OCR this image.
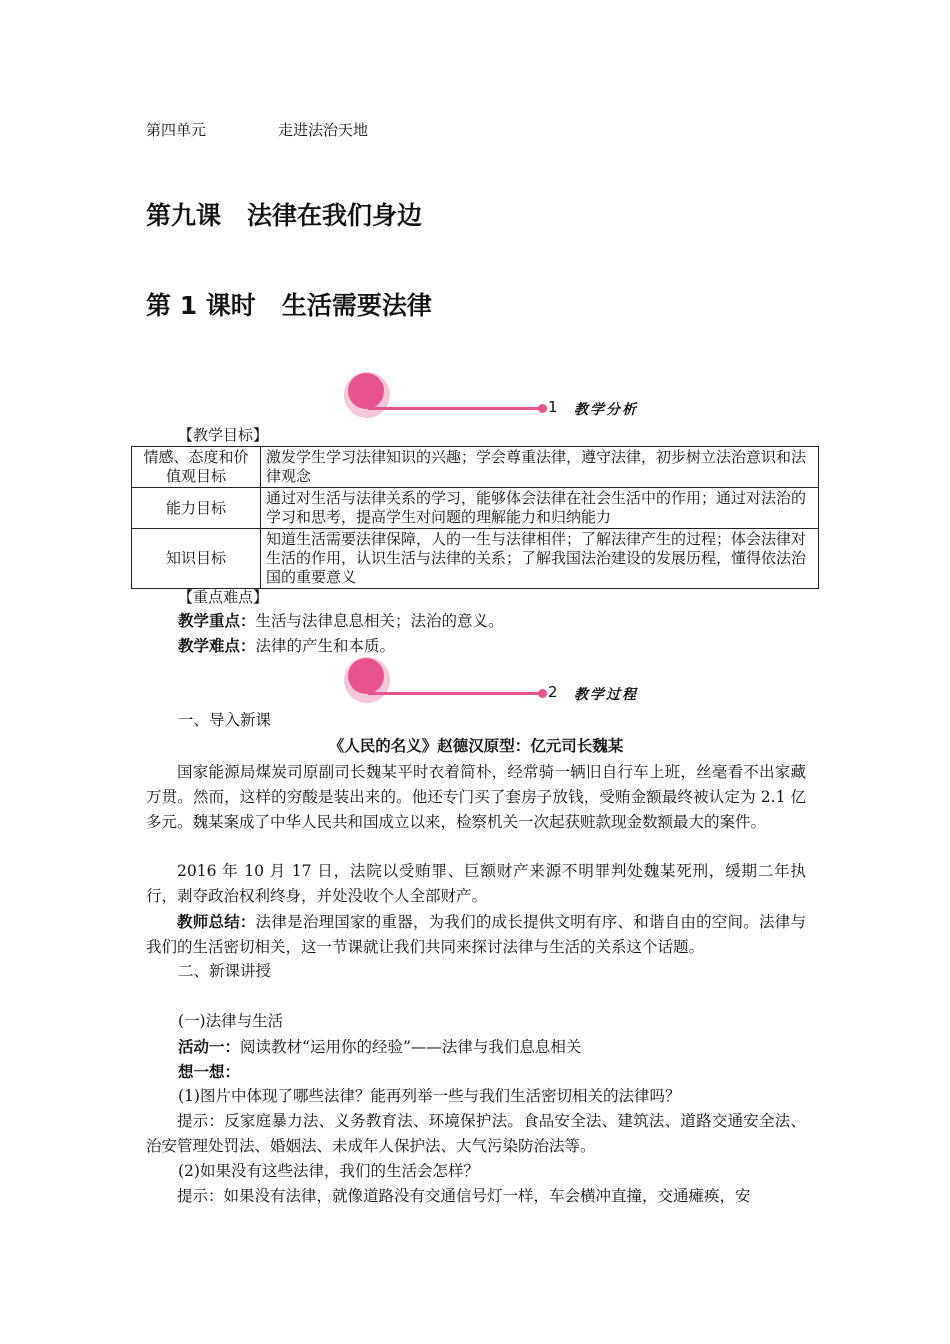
第四单元	走进法治天地
第九课 法律在我们身边
第 1 课时 生活需要法律
1 教学分析
【教学目标】
情感、态度和价值观目标	激发学生学习法律知识的兴趣；学会尊重法律，遵守法律，初步树立法治意识和法律观念
能力目标	通过对生活与法律关系的学习，能够体会法律在社会生活中的作用；通过对法治的学习和思考，提高学生对问题的理解能力和归纳能力
知识目标	知道生活需要法律保障，人的一生与法律相伴；了解法律产生的过程；体会法律对生活的作用，认识生活与法律的关系；了解我国法治建设的发展历程，懂得依法治国的重要意义
【重点难点】
教学重点：生活与法律息息相关；法治的意义。
教学难点：法律的产生和本质。
2 教学过程
一、导入新课
《人民的名义》赵德汉原型：亿元司长魏某
国家能源局煤炭司原副司长魏某平时衣着简朴，经常骑一辆旧自行车上班，丝毫看不出家藏万贯。然而，这样的穷酸是装出来的。他还专门买了套房子放钱，受贿金额最终被认定为 2.1 亿多元。魏某案成了中华人民共和国成立以来，检察机关一次起获赃款现金数额最大的案件。
2016 年 10 月 17 日，法院以受贿罪、巨额财产来源不明罪判处魏某死刑，缓期二年执行，剥夺政治权利终身，并处没收个人全部财产。
教师总结：法律是治理国家的重器，为我们的成长提供文明有序、和谐自由的空间。法律与我们的生活密切相关，这一节课就让我们共同来探讨法律与生活的关系这个话题。
二、新课讲授
(一)法律与生活
活动一：阅读教材“运用你的经验”——法律与我们息息相关
想一想：
(1)图片中体现了哪些法律？能再列举一些与我们生活密切相关的法律吗？
提示：反家庭暴力法、义务教育法、环境保护法。食品安全法、建筑法、道路交通安全法、治安管理处罚法、婚姻法、未成年人保护法、大气污染防治法等。
(2)如果没有这些法律，我们的生活会怎样？
提示：如果没有法律，就像道路没有交通信号灯一样，车会横冲直撞，交通瘫痪，安
